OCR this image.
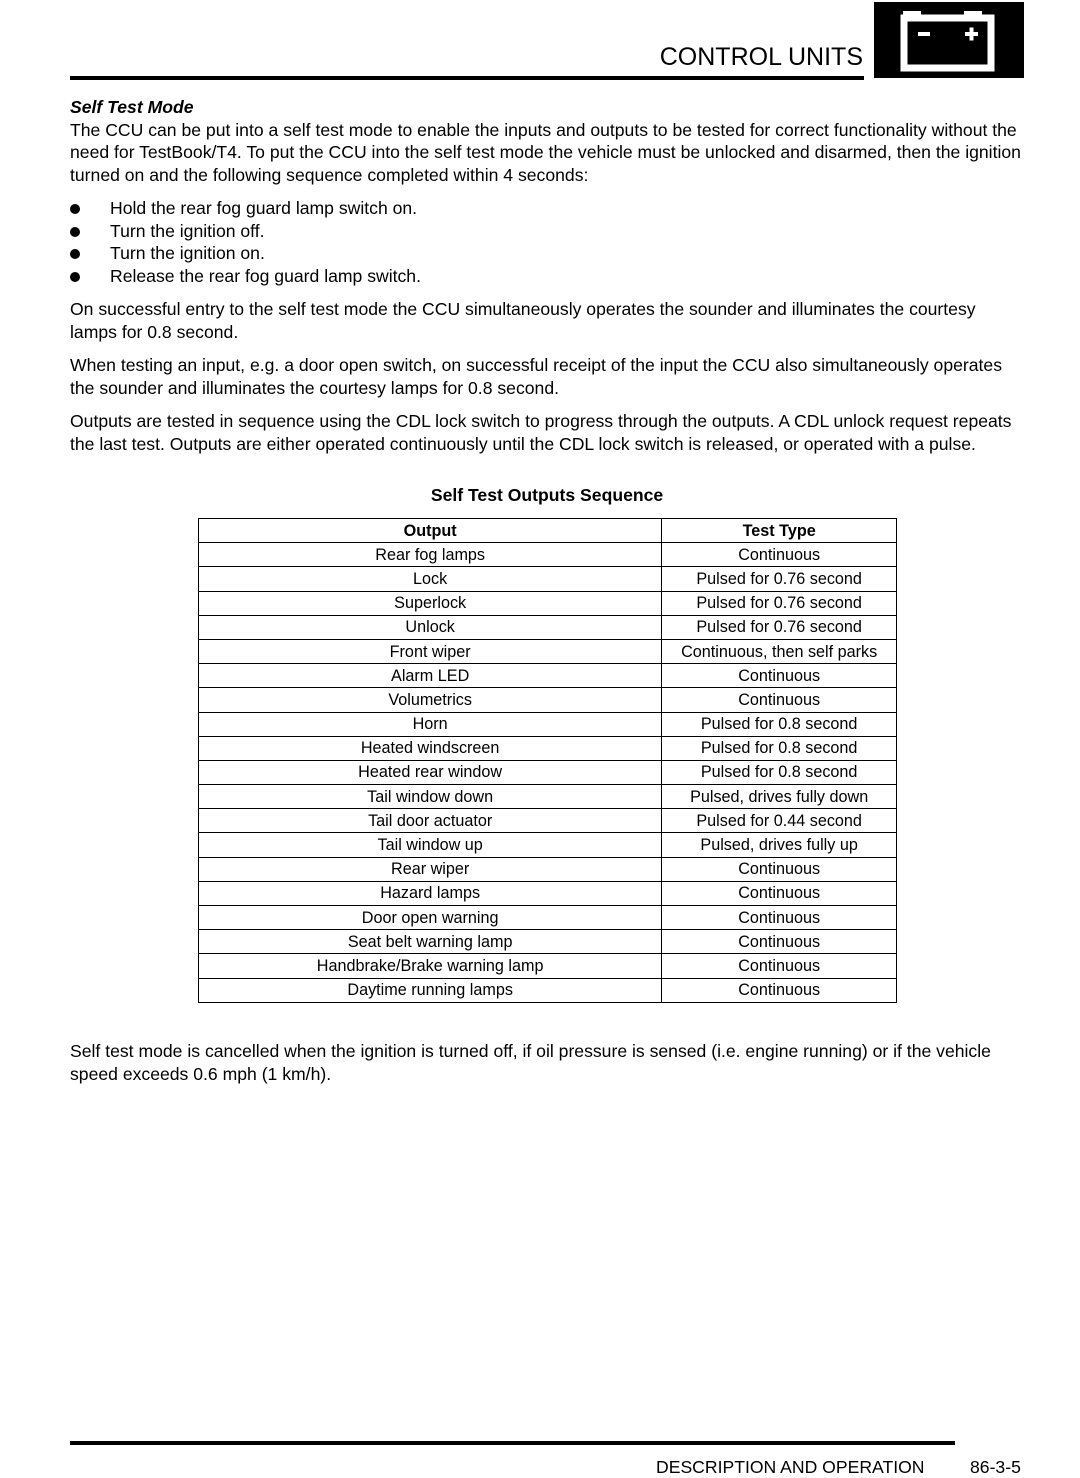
CONTROL UNITS

Self Test Mode

The CCU can be put into a self test mode to enable the inputs and outputs to be tested for correct functionality without the need for TestBook/T4. To put the CCU into the self test mode the vehicle must be unlocked and disarmed, then the ignition turned on and the following sequence completed within 4 seconds:

Hold the rear fog guard lamp switch on.
Turn the ignition off.
Turn the ignition on.
Release the rear fog guard lamp switch.

On successful entry to the self test mode the CCU simultaneously operates the sounder and illuminates the courtesy lamps for 0.8 second.

When testing an input, e.g. a door open switch, on successful receipt of the input the CCU also simultaneously operates the sounder and illuminates the courtesy lamps for 0.8 second.

Outputs are tested in sequence using the CDL lock switch to progress through the outputs. A CDL unlock request repeats the last test. Outputs are either operated continuously until the CDL lock switch is released, or operated with a pulse.

Self Test Outputs Sequence
Output	Test Type
Rear fog lamps	Continuous
Lock	Pulsed for 0.76 second
Superlock	Pulsed for 0.76 second
Unlock	Pulsed for 0.76 second
Front wiper	Continuous, then self parks
Alarm LED	Continuous
Volumetrics	Continuous
Horn	Pulsed for 0.8 second
Heated windscreen	Pulsed for 0.8 second
Heated rear window	Pulsed for 0.8 second
Tail window down	Pulsed, drives fully down
Tail door actuator	Pulsed for 0.44 second
Tail window up	Pulsed, drives fully up
Rear wiper	Continuous
Hazard lamps	Continuous
Door open warning	Continuous
Seat belt warning lamp	Continuous
Handbrake/Brake warning lamp	Continuous
Daytime running lamps	Continuous

Self test mode is cancelled when the ignition is turned off, if oil pressure is sensed (i.e. engine running) or if the vehicle speed exceeds 0.6 mph (1 km/h).

DESCRIPTION AND OPERATION	86-3-5
